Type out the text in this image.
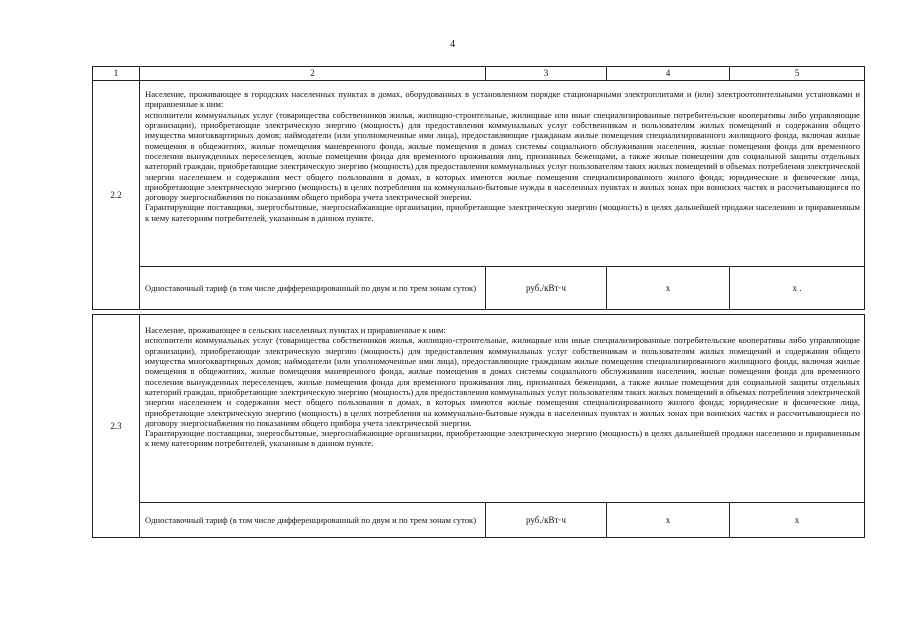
4
1	2	3	4	5
2.2	Население, проживающее в городских населенных пунктах в домах, оборудованных в установленном порядке стационарными электроплитами и (или) электроотопительными установками и приравненные к ним:

исполнители коммунальных услуг (товарищества собственников жилья, жилищно-строительные, жилищные или иные специализированные потребительские кооперативы либо управляющие организации), приобретающие электрическую энергию (мощность) для предоставления коммунальных услуг собственникам и пользователям жилых помещений и содержания общего имущества многоквартирных домов; наймодатели (или уполномоченные ими лица), предоставляющие гражданам жилые помещения специализированного жилищного фонда, включая жилые помещения в общежитиях, жилые помещения маневренного фонда, жилые помещения в домах системы социального обслуживания населения, жилые помещения фонда для временного поселения вынужденных переселенцев, жилые помещения фонда для временного проживания лиц, признанных беженцами, а также жилые помещения для социальной защиты отдельных категорий граждан, приобретающие электрическую энергию (мощность) для предоставления коммунальных услуг пользователям таких жилых помещений в объемах потребления электрической энергии населением и содержания мест общего пользования в домах, в которых имеются жилые помещения специализированного жилого фонда; юридические и физические лица, приобретающие электрическую энергию (мощность) в целях потребления на коммунально-бытовые нужды в населенных пунктах и жилых зонах при воинских частях и рассчитывающиеся по договору энергоснабжения по показаниям общего прибора учета электрической энергии.

Гарантирующие поставщики, энергосбытовые, энергоснабжающие организации, приобретающие электрическую энергию (мощность) в целях дальнейшей продажи населению и приравненным к нему категориям потребителей, указанным в данном пункте.			

	Одноставочный тариф (в том числе дифференцированный по двум и по трем зонам суток)	руб./кВт·ч	х	х .

2.3	Население, проживающее в сельских населенных пунктах и приравненные к ним:

исполнители коммунальных услуг (товарищества собственников жилья, жилищно-строительные, жилищные или иные специализированные потребительские кооперативы либо управляющие организации), приобретающие электрическую энергию (мощность) для предоставления коммунальных услуг собственникам и пользователям жилых помещений и содержания общего имущества многоквартирных домов; наймодатели (или уполномоченные ими лица), предоставляющие гражданам жилые помещения специализированного жилищного фонда, включая жилые помещения в общежитиях, жилые помещения маневренного фонда, жилые помещения в домах системы социального обслуживания населения, жилые помещения фонда для временного поселения вынужденных переселенцев, жилые помещения фонда для временного проживания лиц, признанных беженцами, а также жилые помещения для социальной защиты отдельных категорий граждан, приобретающие электрическую энергию (мощность) для предоставления коммунальных услуг пользователям таких жилых помещений в объемах потребления электрической энергии населением и содержания мест общего пользования в домах, в которых имеются жилые помещения специализированного жилого фонда; юридические и физические лица, приобретающие электрическую энергию (мощность) в целях потребления на коммунально-бытовые нужды в населенных пунктах и жилых зонах при воинских частях и рассчитывающиеся по договору энергоснабжения по показаниям общего прибора учета электрической энергии.

Гарантирующие поставщики, энергосбытовые, энергоснабжающие организации, приобретающие электрическую энергию (мощность) в целях дальнейшей продажи населению и приравненным к нему категориям потребителей, указанным в данном пункте.			

	Одноставочный тариф (в том числе дифференцированный по двум и по трем зонам суток)	руб./кВт·ч	х	х
